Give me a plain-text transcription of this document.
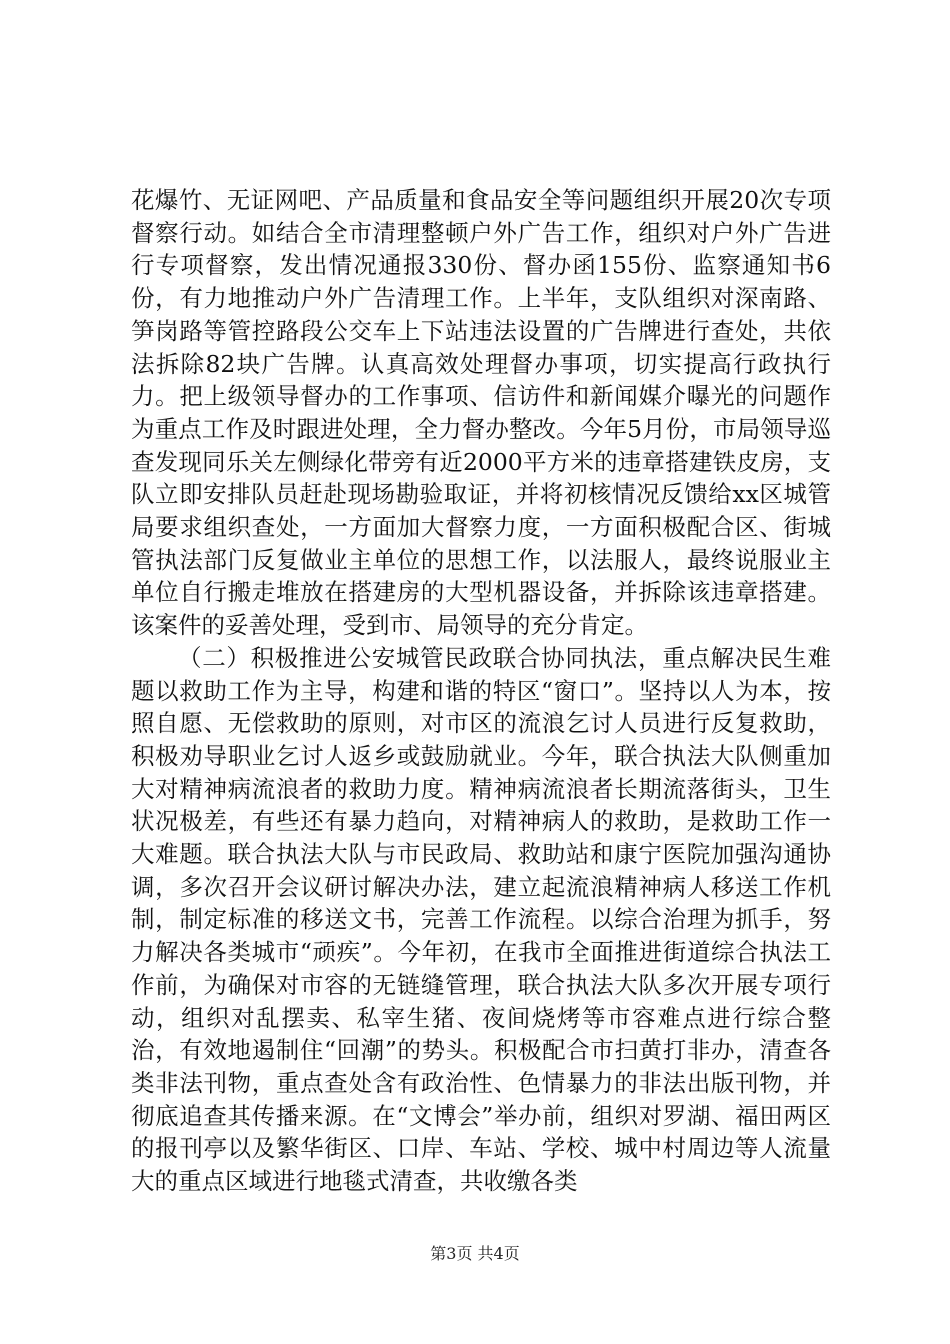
花爆竹、无证网吧、产品质量和食品安全等问题组织开展20次专项督察行动。如结合全市清理整顿户外广告工作，组织对户外广告进行专项督察，发出情况通报330份、督办函155份、监察通知书6份，有力地推动户外广告清理工作。上半年，支队组织对深南路、笋岗路等管控路段公交车上下站违法设置的广告牌进行查处，共依法拆除82块广告牌。认真高效处理督办事项，切实提高行政执行力。把上级领导督办的工作事项、信访件和新闻媒介曝光的问题作为重点工作及时跟进处理，全力督办整改。今年5月份，市局领导巡查发现同乐关左侧绿化带旁有近2000平方米的违章搭建铁皮房，支队立即安排队员赶赴现场勘验取证，并将初核情况反馈给xx区城管局要求组织查处，一方面加大督察力度，一方面积极配合区、街城管执法部门反复做业主单位的思想工作，以法服人，最终说服业主单位自行搬走堆放在搭建房的大型机器设备，并拆除该违章搭建。该案件的妥善处理，受到市、局领导的充分肯定。

（二）积极推进公安城管民政联合协同执法，重点解决民生难题以救助工作为主导，构建和谐的特区“窗口”。坚持以人为本，按照自愿、无偿救助的原则，对市区的流浪乞讨人员进行反复救助，积极劝导职业乞讨人返乡或鼓励就业。今年，联合执法大队侧重加大对精神病流浪者的救助力度。精神病流浪者长期流落街头，卫生状况极差，有些还有暴力趋向，对精神病人的救助，是救助工作一大难题。联合执法大队与市民政局、救助站和康宁医院加强沟通协调，多次召开会议研讨解决办法，建立起流浪精神病人移送工作机制，制定标准的移送文书，完善工作流程。以综合治理为抓手，努力解决各类城市“顽疾”。今年初，在我市全面推进街道综合执法工作前，为确保对市容的无链缝管理，联合执法大队多次开展专项行动，组织对乱摆卖、私宰生猪、夜间烧烤等市容难点进行综合整治，有效地遏制住“回潮”的势头。积极配合市扫黄打非办，清查各类非法刊物，重点查处含有政治性、色情暴力的非法出版刊物，并彻底追查其传播来源。在“文博会”举办前，组织对罗湖、福田两区的报刊亭以及繁华街区、口岸、车站、学校、城中村周边等人流量大的重点区域进行地毯式清查，共收缴各类

第3页 共4页
